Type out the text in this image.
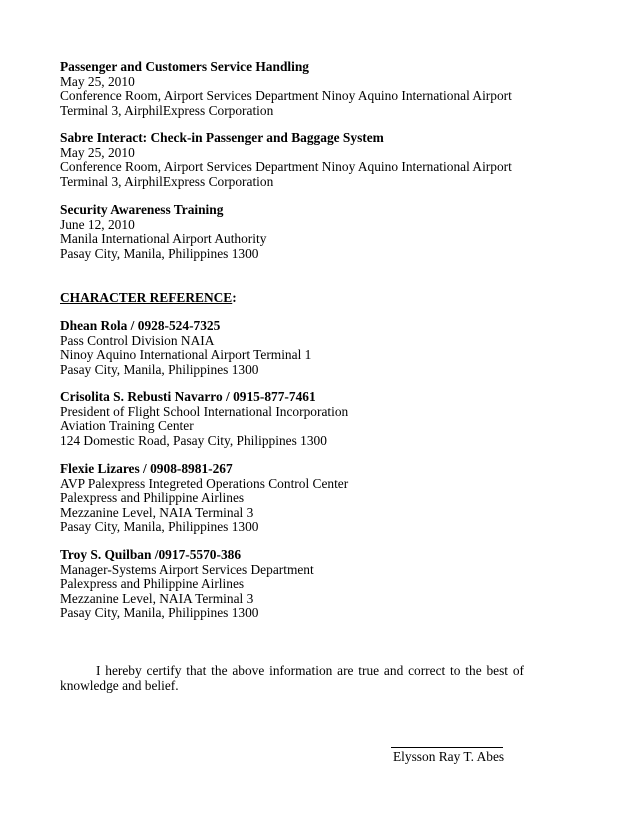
Passenger and Customers Service Handling
May 25, 2010
Conference Room, Airport Services Department Ninoy Aquino International Airport
Terminal 3, AirphilExpress Corporation
Sabre Interact: Check-in Passenger and Baggage System
May 25, 2010
Conference Room, Airport Services Department Ninoy Aquino International Airport
Terminal 3, AirphilExpress Corporation
Security Awareness Training
June 12, 2010
Manila International Airport Authority
Pasay City, Manila, Philippines 1300
CHARACTER REFERENCE:
Dhean Rola / 0928-524-7325
Pass Control Division NAIA
Ninoy Aquino International Airport Terminal 1
Pasay City, Manila, Philippines 1300
Crisolita S. Rebusti Navarro / 0915-877-7461
President of Flight School International Incorporation
Aviation Training Center
124 Domestic Road, Pasay City, Philippines 1300
Flexie Lizares / 0908-8981-267
AVP Palexpress Integreted Operations Control Center
Palexpress and Philippine Airlines
Mezzanine Level, NAIA Terminal 3
Pasay City, Manila, Philippines 1300
Troy S. Quilban /0917-5570-386
Manager-Systems Airport Services Department
Palexpress and Philippine Airlines
Mezzanine Level, NAIA Terminal 3
Pasay City, Manila, Philippines 1300
I hereby certify that the above information are true and correct to the best of knowledge and belief.
Elysson Ray T. Abes
